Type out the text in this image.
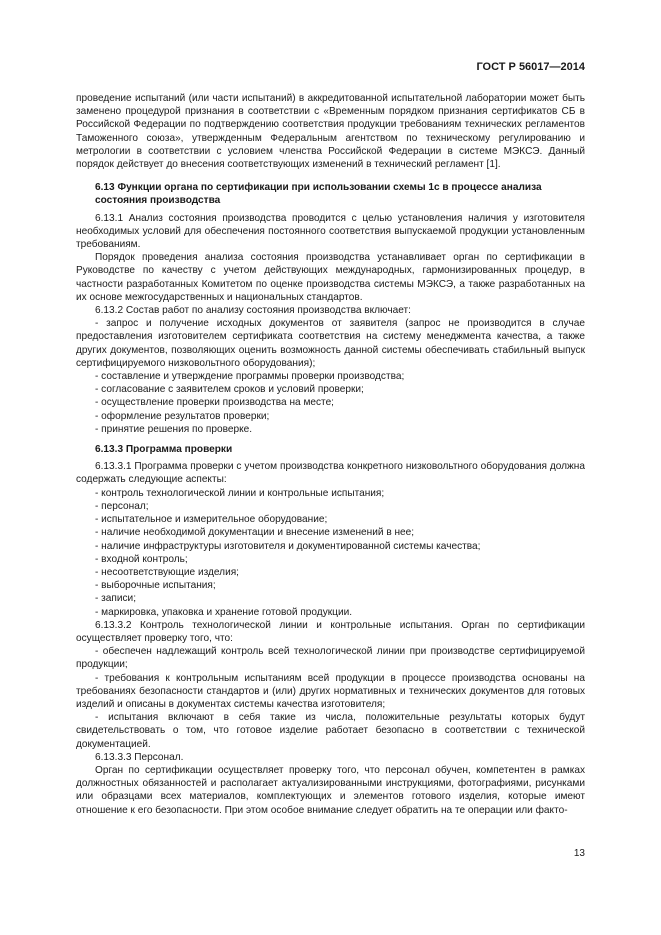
ГОСТ Р 56017—2014

проведение испытаний (или части испытаний) в аккредитованной испытательной лаборатории может быть заменено процедурой признания в соответствии с «Временным порядком признания сертификатов СБ в Российской Федерации по подтверждению соответствия продукции требованиям технических регламентов Таможенного союза», утвержденным Федеральным агентством по техническому регулированию и метрологии в соответствии с условием членства Российской Федерации в системе МЭКСЭ. Данный порядок действует до внесения соответствующих изменений в технический регламент [1].

6.13 Функции органа по сертификации при использовании схемы 1с в процессе анализа
состояния производства

6.13.1 Анализ состояния производства проводится с целью установления наличия у изготовителя необходимых условий для обеспечения постоянного соответствия выпускаемой продукции установленным требованиям.

Порядок проведения анализа состояния производства устанавливает орган по сертификации в Руководстве по качеству с учетом действующих международных, гармонизированных процедур, в частности разработанных Комитетом по оценке производства системы МЭКСЭ, а также разработанных на их основе межгосударственных и национальных стандартов.

6.13.2 Состав работ по анализу состояния производства включает:

- запрос и получение исходных документов от заявителя (запрос не производится в случае предоставления изготовителем сертификата соответствия на систему менеджмента качества, а также других документов, позволяющих оценить возможность данной системы обеспечивать стабильный выпуск сертифицируемого низковольтного оборудования);

- составление и утверждение программы проверки производства;

- согласование с заявителем сроков и условий проверки;

- осуществление проверки производства на месте;

- оформление результатов проверки;

- принятие решения по проверке.

6.13.3 Программа проверки

6.13.3.1 Программа проверки с учетом производства конкретного низковольтного оборудования должна содержать следующие аспекты:

- контроль технологической линии и контрольные испытания;

- персонал;

- испытательное и измерительное оборудование;

- наличие необходимой документации и внесение изменений в нее;

- наличие инфраструктуры изготовителя и документированной системы качества;

- входной контроль;

- несоответствующие изделия;

- выборочные испытания;

- записи;

- маркировка, упаковка и хранение готовой продукции.

6.13.3.2 Контроль технологической линии и контрольные испытания. Орган по сертификации осуществляет проверку того, что:

- обеспечен надлежащий контроль всей технологической линии при производстве сертифицируемой продукции;

- требования к контрольным испытаниям всей продукции в процессе производства основаны на требованиях безопасности стандартов и (или) других нормативных и технических документов для готовых изделий и описаны в документах системы качества изготовителя;

- испытания включают в себя такие из числа, положительные результаты которых будут свидетельствовать о том, что готовое изделие работает безопасно в соответствии с технической документацией.

6.13.3.3 Персонал.

Орган по сертификации осуществляет проверку того, что персонал обучен, компетентен в рамках должностных обязанностей и располагает актуализированными инструкциями, фотографиями, рисунками или образцами всех материалов, комплектующих и элементов готового изделия, которые имеют отношение к его безопасности. При этом особое внимание следует обратить на те операции или факто-

13
